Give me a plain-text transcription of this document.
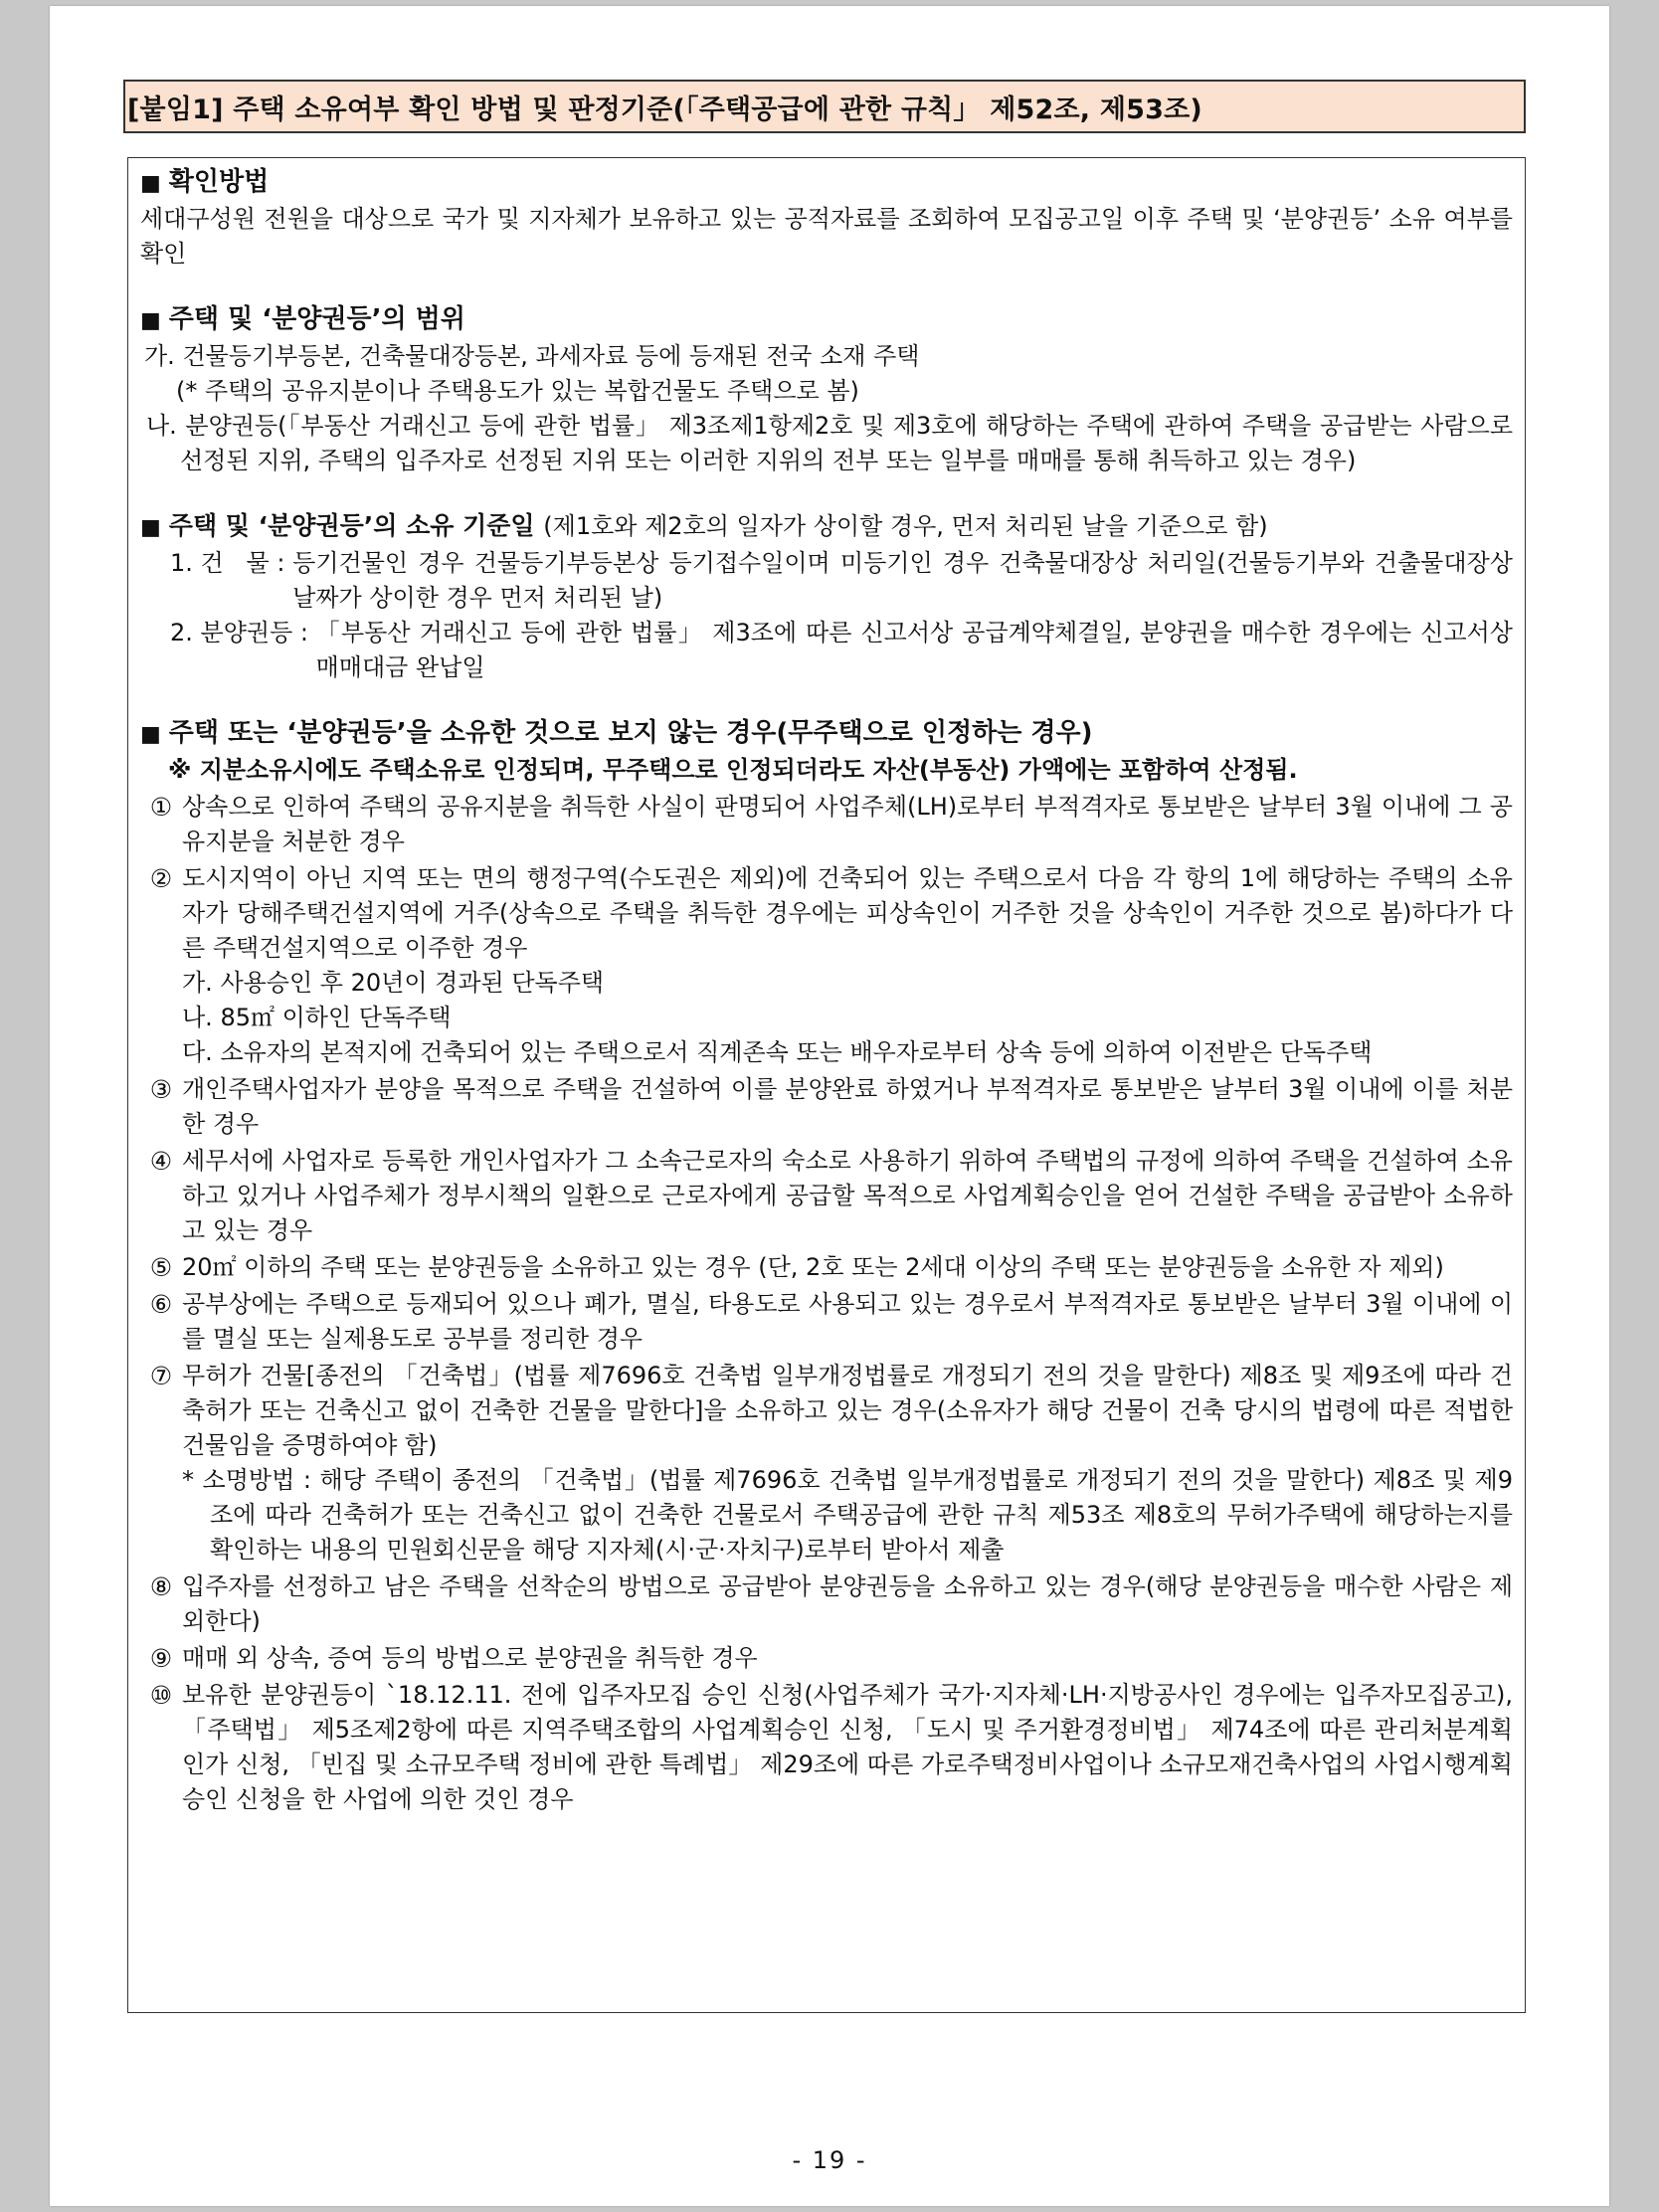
[붙임1] 주택 소유여부 확인 방법 및 판정기준(「주택공급에 관한 규칙」 제52조, 제53조)
■ 확인방법
세대구성원 전원을 대상으로 국가 및 지자체가 보유하고 있는 공적자료를 조회하여 모집공고일 이후 주택 및 ‘분양권등’ 소유 여부를 확인
■ 주택 및 ‘분양권등’의 범위
가. 건물등기부등본, 건축물대장등본, 과세자료 등에 등재된 전국 소재 주택
(* 주택의 공유지분이나 주택용도가 있는 복합건물도 주택으로 봄)
나. 분양권등(「부동산 거래신고 등에 관한 법률」 제3조제1항제2호 및 제3호에 해당하는 주택에 관하여 주택을 공급받는 사람으로 선정된 지위, 주택의 입주자로 선정된 지위 또는 이러한 지위의 전부 또는 일부를 매매를 통해 취득하고 있는 경우)
■ 주택 및 ‘분양권등’의 소유 기준일 (제1호와 제2호의 일자가 상이할 경우, 먼저 처리된 날을 기준으로 함)
1. 건   물 : 등기건물인 경우 건물등기부등본상 등기접수일이며 미등기인 경우 건축물대장상 처리일(건물등기부와 건출물대장상 날짜가 상이한 경우 먼저 처리된 날)
2. 분양권등 : 「부동산 거래신고 등에 관한 법률」 제3조에 따른 신고서상 공급계약체결일, 분양권을 매수한 경우에는 신고서상 매매대금 완납일
■ 주택 또는 ‘분양권등’을 소유한 것으로 보지 않는 경우(무주택으로 인정하는 경우)
※ 지분소유시에도 주택소유로 인정되며, 무주택으로 인정되더라도 자산(부동산) 가액에는 포함하여 산정됨.
① 상속으로 인하여 주택의 공유지분을 취득한 사실이 판명되어 사업주체(LH)로부터 부적격자로 통보받은 날부터 3월 이내에 그 공유지분을 처분한 경우
② 도시지역이 아닌 지역 또는 면의 행정구역(수도권은 제외)에 건축되어 있는 주택으로서 다음 각 항의 1에 해당하는 주택의 소유자가 당해주택건설지역에 거주(상속으로 주택을 취득한 경우에는 피상속인이 거주한 것을 상속인이 거주한 것으로 봄)하다가 다른 주택건설지역으로 이주한 경우
가. 사용승인 후 20년이 경과된 단독주택
나. 85㎡ 이하인 단독주택
다. 소유자의 본적지에 건축되어 있는 주택으로서 직계존속 또는 배우자로부터 상속 등에 의하여 이전받은 단독주택
③ 개인주택사업자가 분양을 목적으로 주택을 건설하여 이를 분양완료 하였거나 부적격자로 통보받은 날부터 3월 이내에 이를 처분한 경우
④ 세무서에 사업자로 등록한 개인사업자가 그 소속근로자의 숙소로 사용하기 위하여 주택법의 규정에 의하여 주택을 건설하여 소유하고 있거나 사업주체가 정부시책의 일환으로 근로자에게 공급할 목적으로 사업계획승인을 얻어 건설한 주택을 공급받아 소유하고 있는 경우
⑤ 20㎡ 이하의 주택 또는 분양권등을 소유하고 있는 경우 (단, 2호 또는 2세대 이상의 주택 또는 분양권등을 소유한 자 제외)
⑥ 공부상에는 주택으로 등재되어 있으나 폐가, 멸실, 타용도로 사용되고 있는 경우로서 부적격자로 통보받은 날부터 3월 이내에 이를 멸실 또는 실제용도로 공부를 정리한 경우
⑦ 무허가 건물[종전의 「건축법」(법률 제7696호 건축법 일부개정법률로 개정되기 전의 것을 말한다) 제8조 및 제9조에 따라 건축허가 또는 건축신고 없이 건축한 건물을 말한다]을 소유하고 있는 경우(소유자가 해당 건물이 건축 당시의 법령에 따른 적법한 건물임을 증명하여야 함)
* 소명방법 : 해당 주택이 종전의 「건축법」(법률 제7696호 건축법 일부개정법률로 개정되기 전의 것을 말한다) 제8조 및 제9조에 따라 건축허가 또는 건축신고 없이 건축한 건물로서 주택공급에 관한 규칙 제53조 제8호의 무허가주택에 해당하는지를 확인하는 내용의 민원회신문을 해당 지자체(시·군·자치구)로부터 받아서 제출
⑧ 입주자를 선정하고 남은 주택을 선착순의 방법으로 공급받아 분양권등을 소유하고 있는 경우(해당 분양권등을 매수한 사람은 제외한다)
⑨ 매매 외 상속, 증여 등의 방법으로 분양권을 취득한 경우
⑩ 보유한 분양권등이 `18.12.11. 전에 입주자모집 승인 신청(사업주체가 국가·지자체·LH·지방공사인 경우에는 입주자모집공고), 「주택법」 제5조제2항에 따른 지역주택조합의 사업계획승인 신청, 「도시 및 주거환경정비법」 제74조에 따른 관리처분계획인가 신청, 「빈집 및 소규모주택 정비에 관한 특례법」 제29조에 따른 가로주택정비사업이나 소규모재건축사업의 사업시행계획승인 신청을 한 사업에 의한 것인 경우
- 19 -
